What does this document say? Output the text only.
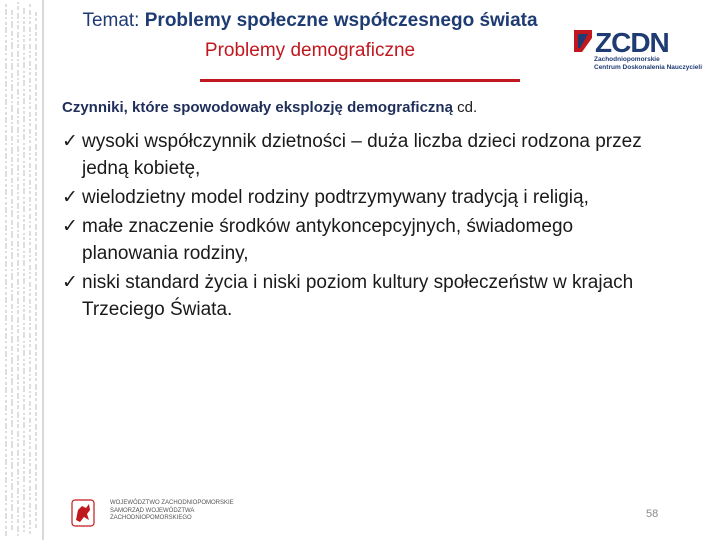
Temat: Problemy społeczne współczesnego świata
Problemy demograficzne	ZCDN
Zachodniopomorskie
Centrum Doskonalenia Nauczycieli
Czynniki, które spowodowały eksplozję demograficzną cd.
✓ wysoki współczynnik dzietności – duża liczba dzieci rodzona przez jedną kobietę,
✓ wielodzietny model rodziny podtrzymywany tradycją i religią,
✓ małe znaczenie środków antykoncepcyjnych, świadomego planowania rodziny,
✓ niski standard życia i niski poziom kultury społeczeństw w krajach Trzeciego Świata.
WOJEWÓDZTWO ZACHODNIOPOMORSKIE
SAMORZĄD WOJEWÓDZTWA
ZACHODNIOPOMORSKIEGO	58
